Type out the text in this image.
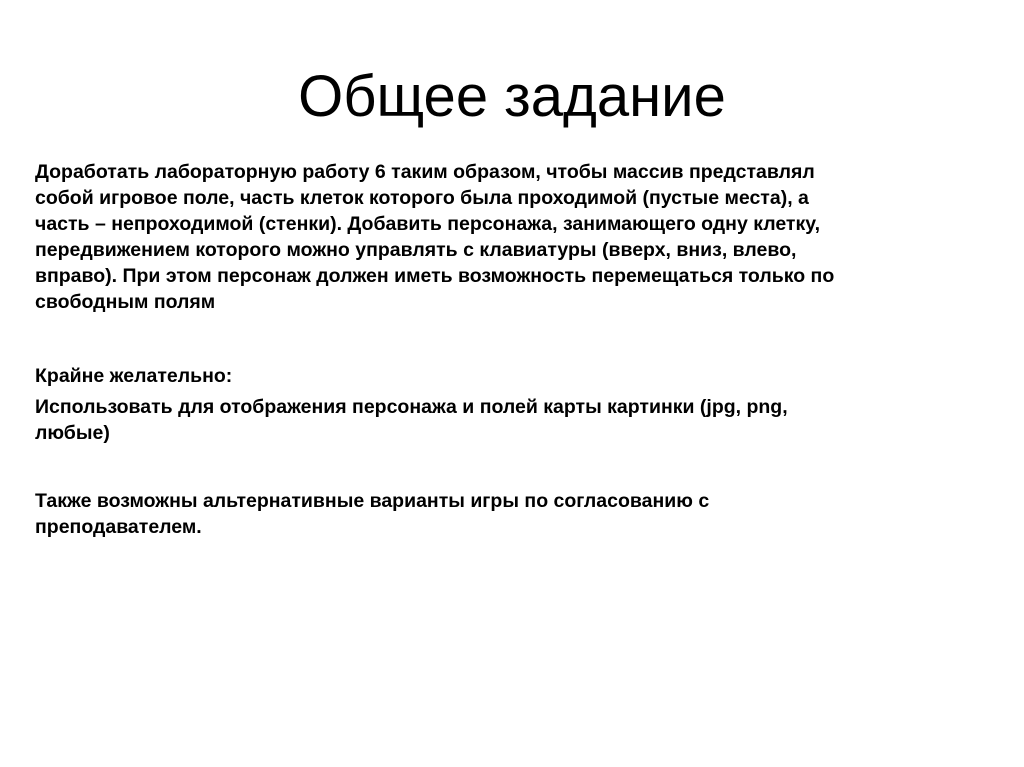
Общее задание
Доработать лабораторную работу 6 таким образом, чтобы массив представлял
собой игровое поле, часть клеток которого была проходимой (пустые места), а
часть – непроходимой (стенки). Добавить персонажа, занимающего одну клетку,
передвижением которого можно управлять с клавиатуры (вверх, вниз, влево,
вправо). При этом персонаж должен иметь возможность перемещаться только по
свободным полям
Крайне желательно:
Использовать для отображения персонажа и полей карты картинки (jpg, png,
любые)
Также возможны альтернативные варианты игры по согласованию с
преподавателем.
